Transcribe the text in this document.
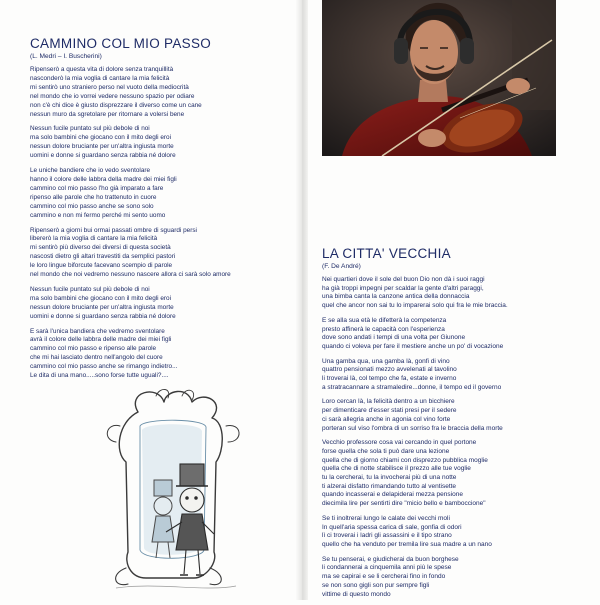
CAMMINO COL MIO PASSO
(L. Medri – I. Buscherini)
Ripenserò a questa vita di dolore senza tranquillità
nasconderò la mia voglia di cantare la mia felicità
mi sentirò uno straniero perso nel vuoto della mediocrità
nel mondo che io vorrei vedere nessuno spazio per odiare
non c'è chi dice è giusto disprezzare il diverso come un cane
nessun muro da sgretolare per ritornare a volersi bene
Nessun fucile puntato sul più debole di noi
ma solo bambini che giocano con il mito degli eroi
nessun dolore bruciante per un'altra ingiusta morte
uomini e donne si guardano senza rabbia né dolore
Le uniche bandiere che io vedo sventolare
hanno il colore delle labbra della madre dei miei figli
cammino col mio passo l'ho già imparato a fare
ripenso alle parole che ho trattenuto in cuore
cammino col mio passo anche se sono solo
cammino e non mi fermo perché mi sento uomo
Ripenserò a giorni bui ormai passati ombre di sguardi persi
libererò la mia voglia di cantare la mia felicità
mi sentirò più diverso dei diversi di questa società
nascosti dietro gli altari travestiti da semplici pastori
le loro lingue biforcute facevano scempio di parole
nel mondo che noi vedremo nessuno nascere allora ci sarà solo amore
Nessun fucile puntato sul più debole di noi
ma solo bambini che giocano con il mito degli eroi
nessun dolore bruciante per un'altra ingiusta morte
uomini e donne si guardano senza rabbia né dolore
E sarà l'unica bandiera che vedremo sventolare
avrà il colore delle labbra delle madre dei miei figli
cammino col mio passo e ripenso alle parole
che mi hai lasciato dentro nell'angolo del cuore
cammino col mio passo anche se rimango indietro...
Le dita di una mano.....sono forse tutte uguali?....
LA CITTA' VECCHIA
(F. De André)
Nei quartieri dove il sole del buon Dio non dà i suoi raggi
ha già troppi impegni per scaldar la gente d'altri paraggi,
una bimba canta la canzone antica della donnaccia
quel che ancor non sai tu lo imparerai solo qui fra le mie braccia.
E se alla sua età le difetterà la competenza
presto affinerà le capacità con l'esperienza
dove sono andati i tempi di una volta per Giunone
quando ci voleva per fare il mestiere anche un po' di vocazione
Una gamba qua, una gamba là, gonfi di vino
quattro pensionati mezzo avvelenati al tavolino
li troverai là, col tempo che fa, estate e inverno
a stratracannare a stramaledire...donne, il tempo ed il governo
Loro cercan là, la felicità dentro a un bicchiere
per dimenticare d'esser stati presi per il sedere
ci sarà allegria anche in agonia col vino forte
porteran sul viso l'ombra di un sorriso fra le braccia della morte
Vecchio professore cosa vai cercando in quel portone
forse quella che sola ti può dare una lezione
quella che di giorno chiami con disprezzo pubblica moglie
quella che di notte stabilisce il prezzo alle tue voglie
tu la cercherai, tu la invocherai più di una notte
ti alzerai disfatto rimandando tutto al ventisette
quando incasserai e delapiderai mezza pensione
diecimila lire per sentirti dire "micio bello e bamboccione"
Se ti inoltrerai lungo le calate dei vecchi moli
In quell'aria spessa carica di sale, gonfia di odori
lì ci troverai i ladri gli assassini e il tipo strano
quello che ha venduto per tremila lire sua madre a un nano
Se tu penserai, e giudicherai da buon borghese
li condannerai a cinquemila anni più le spese
ma se capirai e se li cercherai fino in fondo
se non sono gigli son pur sempre figli
vittime di questo mondo
